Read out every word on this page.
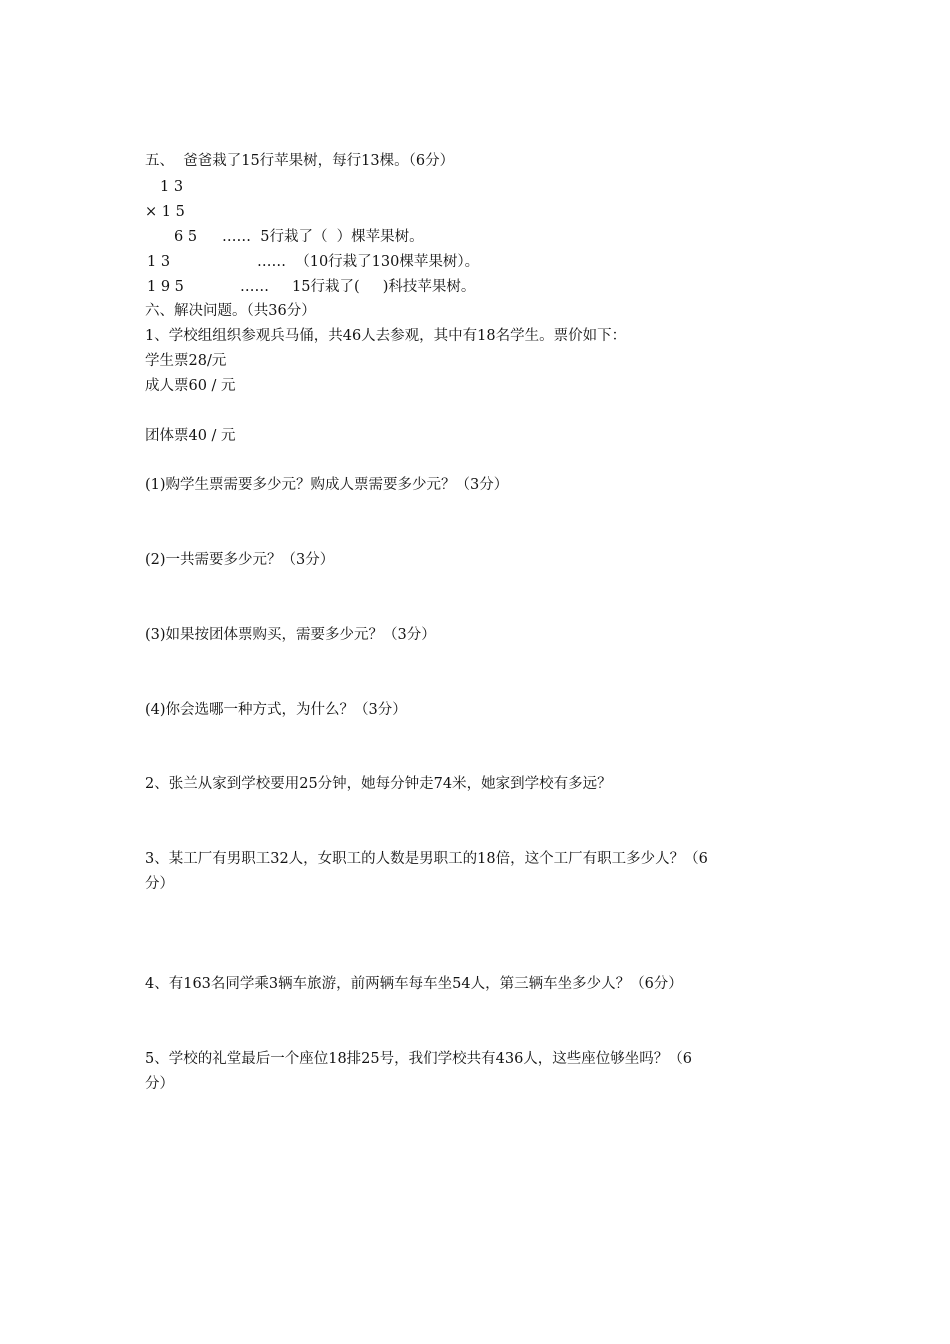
五、  爸爸栽了15行苹果树，每行13棵。（6分）
1 3
× 1 5
6 5 ……  5行栽了（  ）棵苹果树。
1 3	……  （10行栽了130棵苹果树）。
1 9 5	……     15行栽了(     )科技苹果树。
六、解决问题。（共36分）
1、学校组组织参观兵马俑，共46人去参观，其中有18名学生。票价如下：
学生票28/元
成人票60 / 元
团体票40 / 元
(1)购学生票需要多少元？购成人票需要多少元？（3分）
(2)一共需要多少元？（3分）
(3)如果按团体票购买，需要多少元？（3分）
(4)你会选哪一种方式，为什么？（3分）
2、张兰从家到学校要用25分钟，她每分钟走74米，她家到学校有多远？
3、某工厂有男职工32人，女职工的人数是男职工的18倍，这个工厂有职工多少人？（6
分）
4、有163名同学乘3辆车旅游，前两辆车每车坐54人，第三辆车坐多少人？（6分）
5、学校的礼堂最后一个座位18排25号，我们学校共有436人，这些座位够坐吗？（6
分）
